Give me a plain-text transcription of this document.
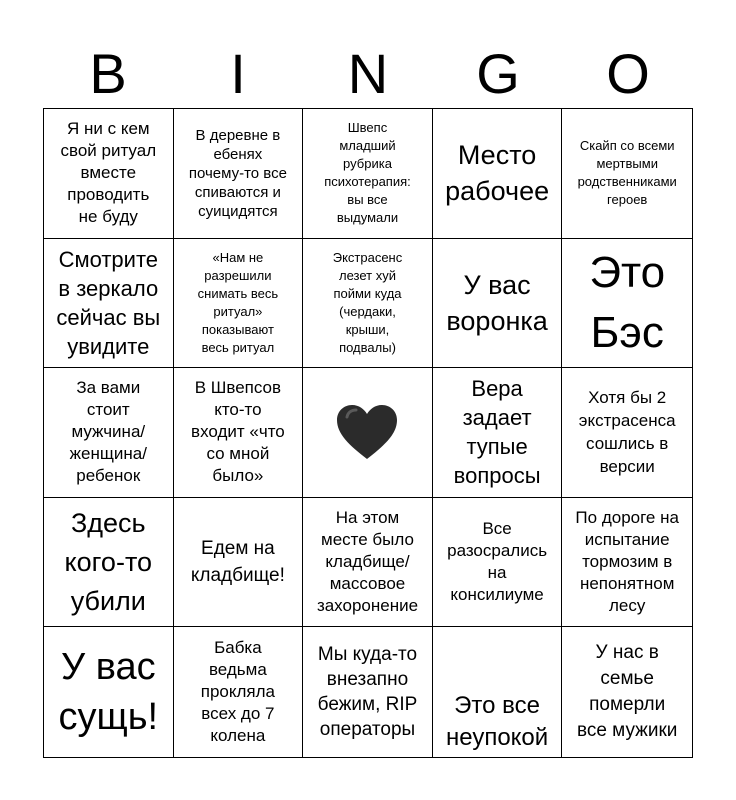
B	I	N	G	O
Я ни с кем
свой ритуал
вместе
проводить
не буду
В деревне в
ебенях
почему-то все
спиваются и
суицидятся
Швепс
младший
рубрика
психотерапия:
вы все
выдумали
Место
рабочее
Скайп со всеми
мертвыми
родственниками
героев
Смотрите
в зеркало
сейчас вы
увидите
«Нам не
разрешили
снимать весь
ритуал»
показывают
весь ритуал
Экстрасенс
лезет хуй
пойми куда
(чердаки,
крыши,
подвалы)
У вас
воронка
Это
Бэс
За вами
стоит
мужчина/
женщина/
ребенок
В Швепсов
кто-то
входит «что
со мной
было»
Вера
задает
тупые
вопросы
Хотя бы 2
экстрасенса
сошлись в
версии
Здесь
кого-то
убили
Едем на
кладбище!
На этом
месте было
кладбище/
массовое
захоронение
Все
разосрались
на
консилиуме
По дороге на
испытание
тормозим в
непонятном
лесу
У вас
сущь!
Бабка
ведьма
прокляла
всех до 7
колена
Мы куда-то
внезапно
бежим, RIP
операторы
Это все
неупокой
У нас в
семье
померли
все мужики
